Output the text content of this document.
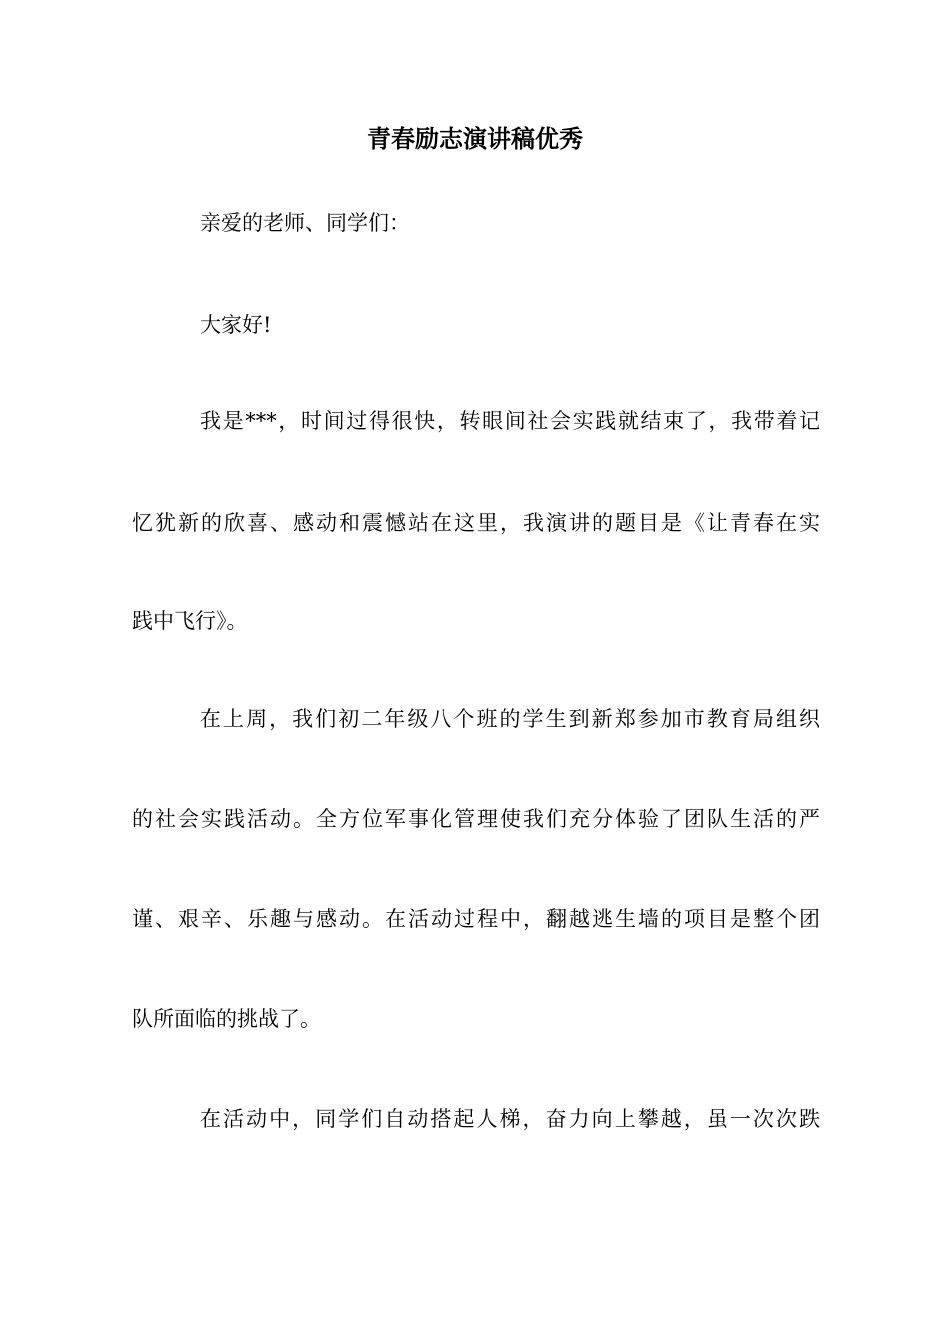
青春励志演讲稿优秀
亲爱的老师、同学们：
大家好!
我是***，时间过得很快，转眼间社会实践就结束了，我带着记
忆犹新的欣喜、感动和震憾站在这里，我演讲的题目是《让青春在实
践中飞行》。
在上周，我们初二年级八个班的学生到新郑参加市教育局组织
的社会实践活动。全方位军事化管理使我们充分体验了团队生活的严
谨、艰辛、乐趣与感动。在活动过程中，翻越逃生墙的项目是整个团
队所面临的挑战了。
在活动中，同学们自动搭起人梯，奋力向上攀越，虽一次次跌
